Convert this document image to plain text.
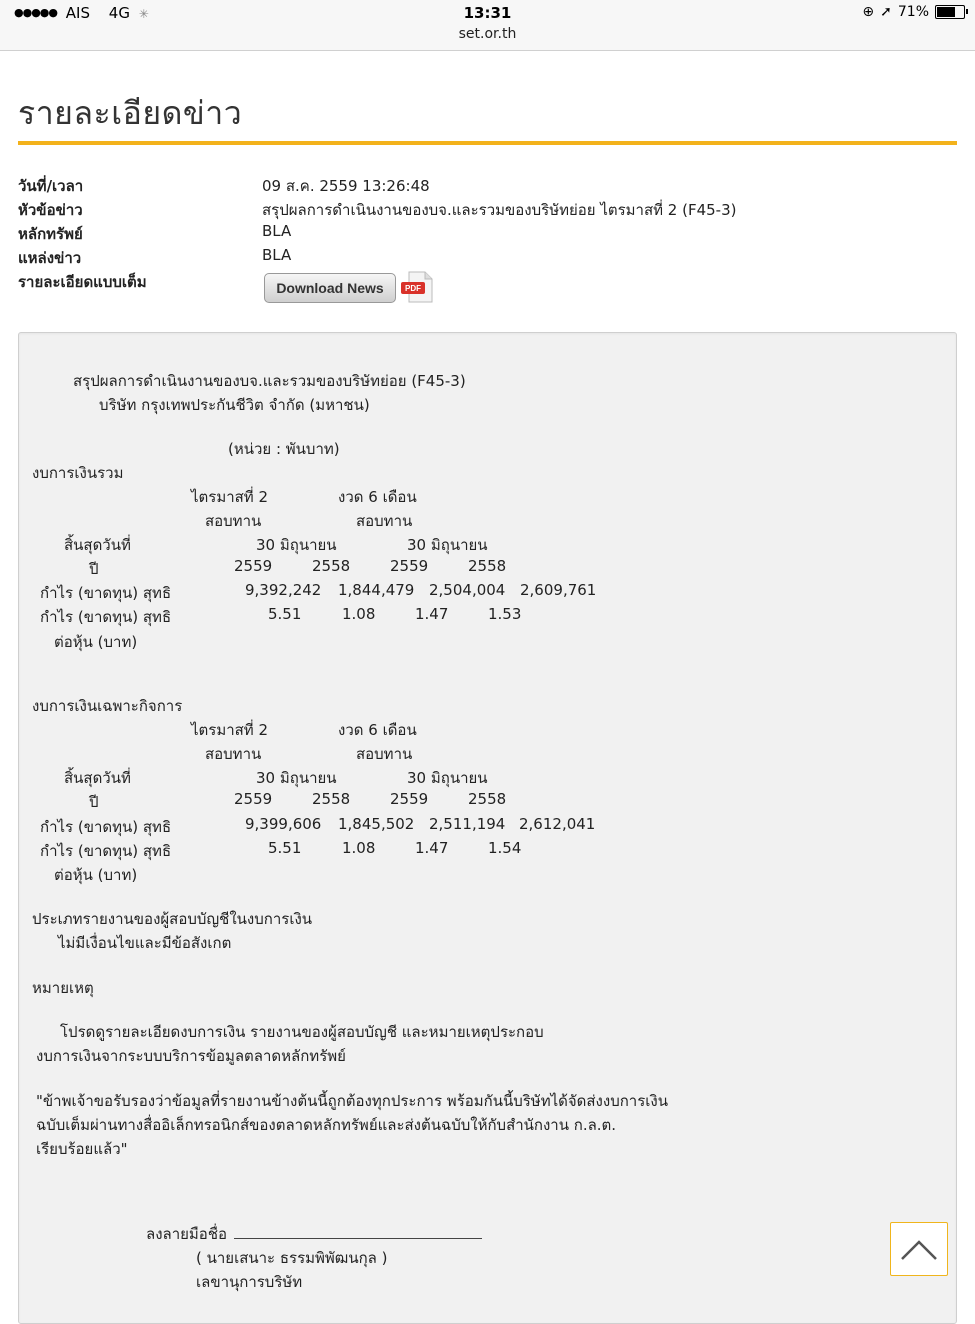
●●●●● AIS 4G ✳	13:31
set.or.th
⊕ ➚ 71%
รายละเอียดข่าว
วันที่/เวลา	09 ส.ค. 2559 13:26:48
หัวข้อข่าว	สรุปผลการดำเนินงานของบจ.และรวมของบริษัทย่อย ไตรมาสที่ 2 (F45-3)
หลักทรัพย์	BLA
แหล่งข่าว	BLA
รายละเอียดแบบเต็ม	Download News	PDF
สรุปผลการดำเนินงานของบจ.และรวมของบริษัทย่อย (F45-3)
บริษัท กรุงเทพประกันชีวิต จำกัด (มหาชน)
(หน่วย : พันบาท)
งบการเงินรวม
ไตรมาสที่ 2	งวด 6 เดือน
สอบทาน	สอบทาน
สิ้นสุดวันที่	30 มิถุนายน	30 มิถุนายน
ปี	2559	2558	2559	2558
กำไร (ขาดทุน) สุทธิ	9,392,242 1,844,479 2,504,004 2,609,761
กำไร (ขาดทุน) สุทธิ	5.51	1.08	1.47	1.53
ต่อหุ้น (บาท)
งบการเงินเฉพาะกิจการ
ไตรมาสที่ 2	งวด 6 เดือน
สอบทาน	สอบทาน
สิ้นสุดวันที่	30 มิถุนายน	30 มิถุนายน
ปี	2559	2558	2559	2558
กำไร (ขาดทุน) สุทธิ	9,399,606 1,845,502 2,511,194 2,612,041
กำไร (ขาดทุน) สุทธิ	5.51	1.08	1.47	1.54
ต่อหุ้น (บาท)
ประเภทรายงานของผู้สอบบัญชีในงบการเงิน
ไม่มีเงื่อนไขและมีข้อสังเกต
หมายเหตุ
โปรดดูรายละเอียดงบการเงิน รายงานของผู้สอบบัญชี และหมายเหตุประกอบ
งบการเงินจากระบบบริการข้อมูลตลาดหลักทรัพย์
"ข้าพเจ้าขอรับรองว่าข้อมูลที่รายงานข้างต้นนี้ถูกต้องทุกประการ พร้อมกันนี้บริษัทได้จัดส่งงบการเงิน
ฉบับเต็มผ่านทางสื่ออิเล็กทรอนิกส์ของตลาดหลักทรัพย์และส่งต้นฉบับให้กับสำนักงาน ก.ล.ต.
เรียบร้อยแล้ว"
ลงลายมือชื่อ
( นายเสนาะ ธรรมพิพัฒนกุล )
เลขานุการบริษัท
